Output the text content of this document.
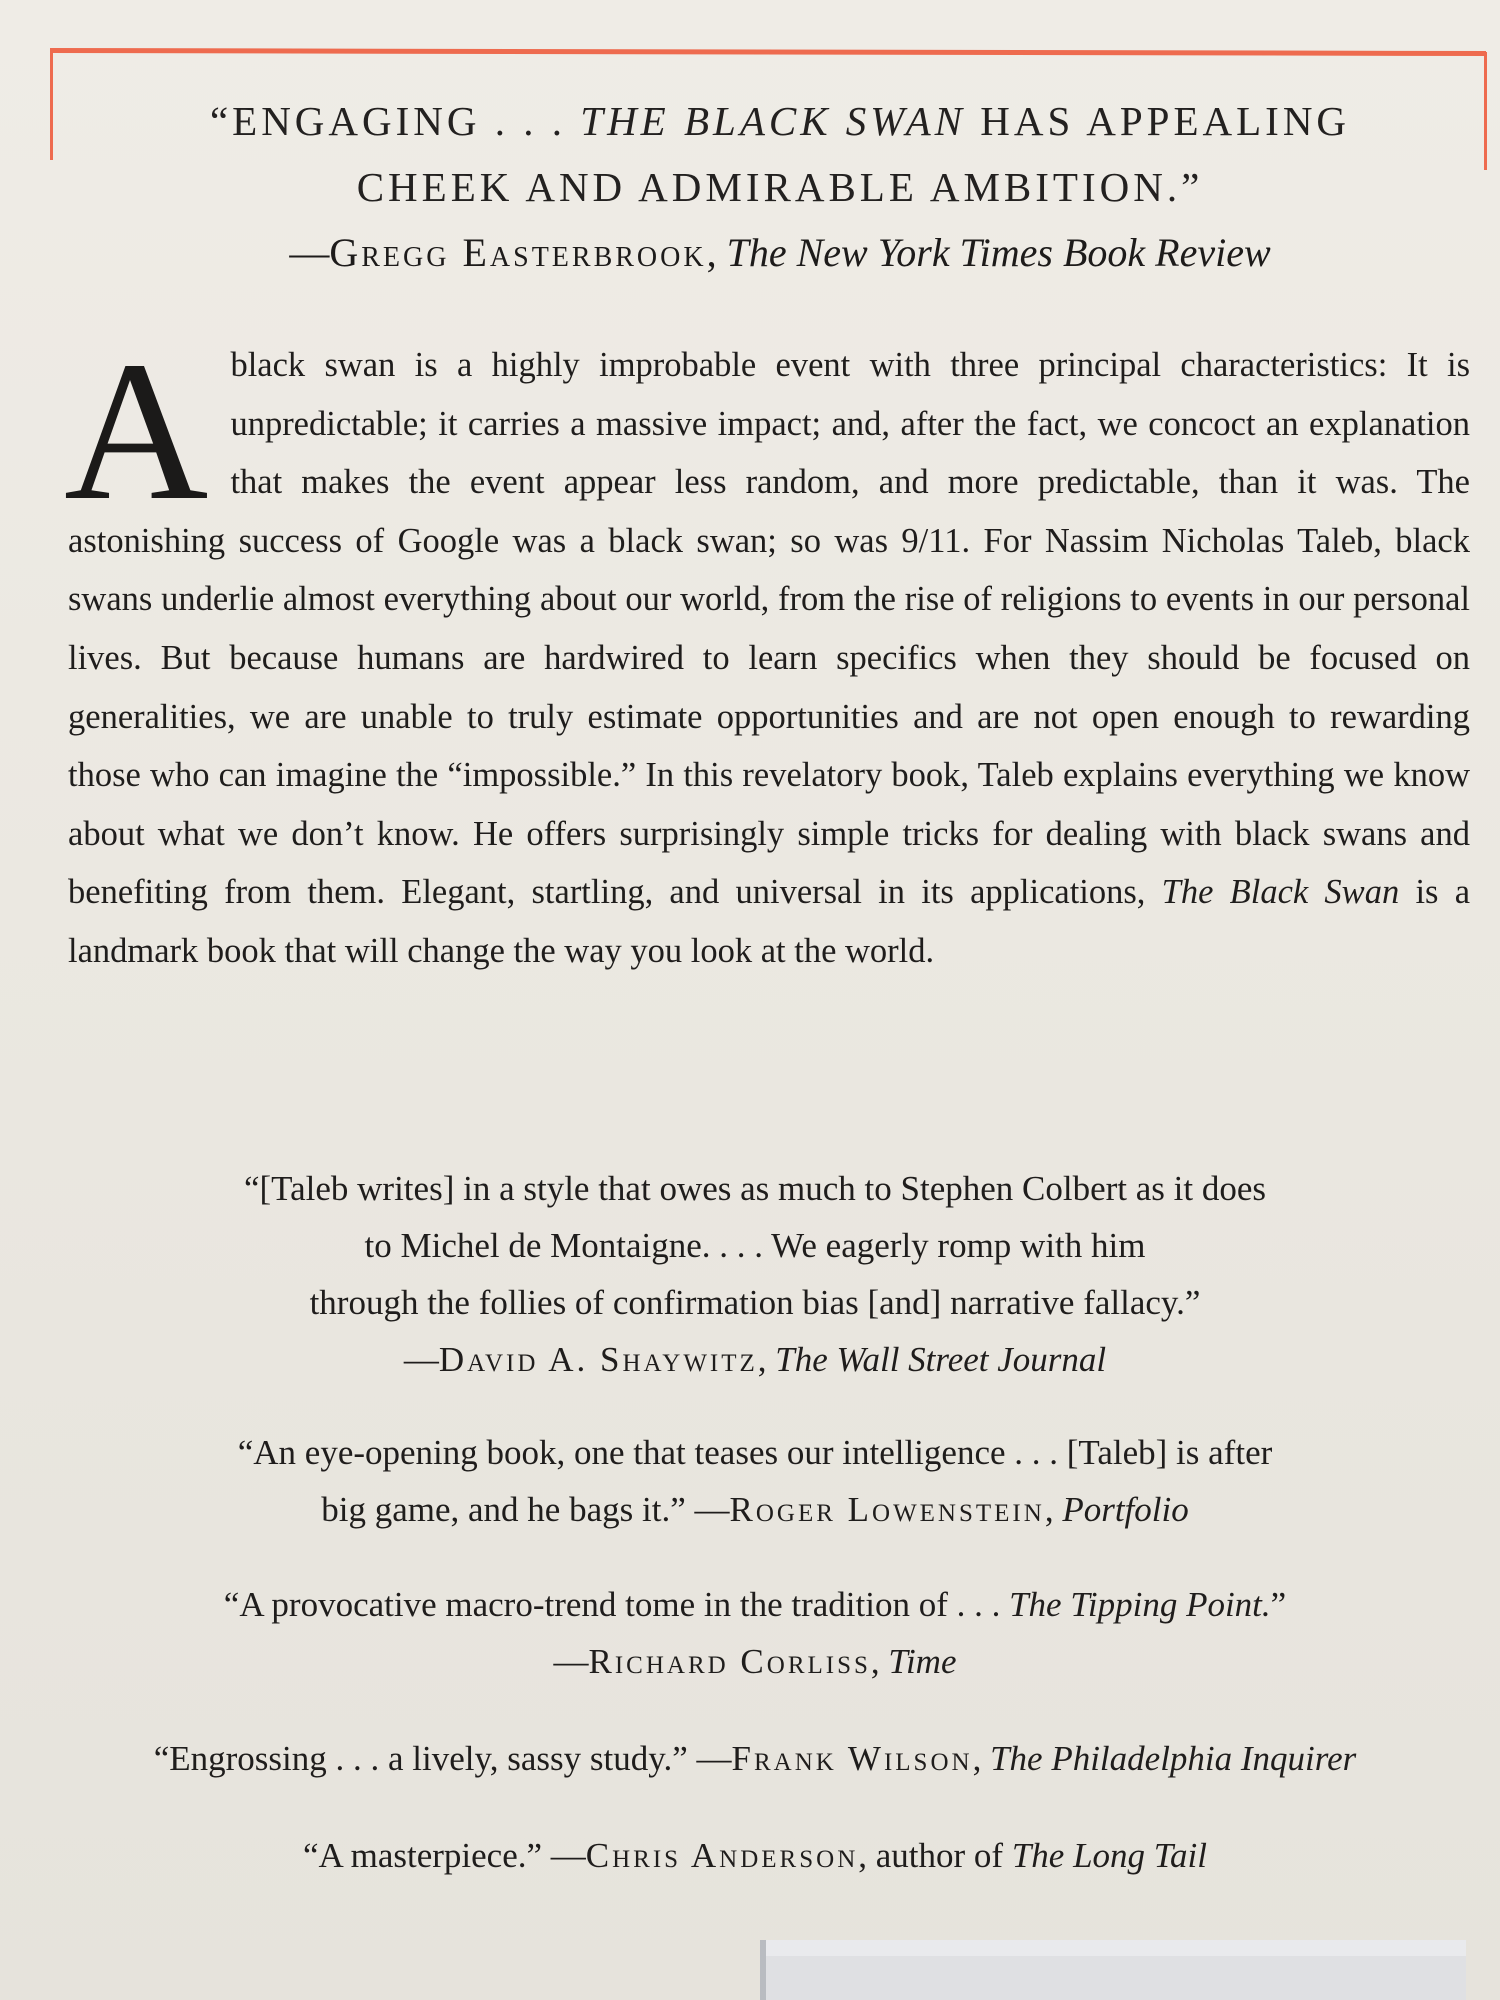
“ENGAGING . . . THE BLACK SWAN HAS APPEALING
CHEEK AND ADMIRABLE AMBITION.”
—Gregg Easterbrook, The New York Times Book Review
Ablack swan is a highly improbable event with three principal characteristics: It is unpredictable; it carries a massive impact; and, after the fact, we concoct an explanation that makes the event appear less random, and more predictable, than it was. The astonishing success of Google was a black swan; so was 9/11. For Nassim Nicholas Taleb, black swans underlie almost everything about our world, from the rise of religions to events in our personal lives. But because humans are hardwired to learn specifics when they should be focused on generalities, we are unable to truly estimate opportunities and are not open enough to rewarding those who can imagine the “impossible.” In this revelatory book, Taleb explains everything we know about what we don’t know. He offers surprisingly simple tricks for dealing with black swans and benefiting from them. Elegant, startling, and universal in its applications, The Black Swan is a landmark book that will change the way you look at the world.
“[Taleb writes] in a style that owes as much to Stephen Colbert as it does
to Michel de Montaigne. . . . We eagerly romp with him
through the follies of confirmation bias [and] narrative fallacy.”
—David A. Shaywitz, The Wall Street Journal
“An eye-opening book, one that teases our intelligence . . . [Taleb] is after
big game, and he bags it.” —Roger Lowenstein, Portfolio
“A provocative macro-trend tome in the tradition of . . . The Tipping Point.”
—Richard Corliss, Time
“Engrossing . . . a lively, sassy study.” —Frank Wilson, The Philadelphia Inquirer
“A masterpiece.” —Chris Anderson, author of The Long Tail
